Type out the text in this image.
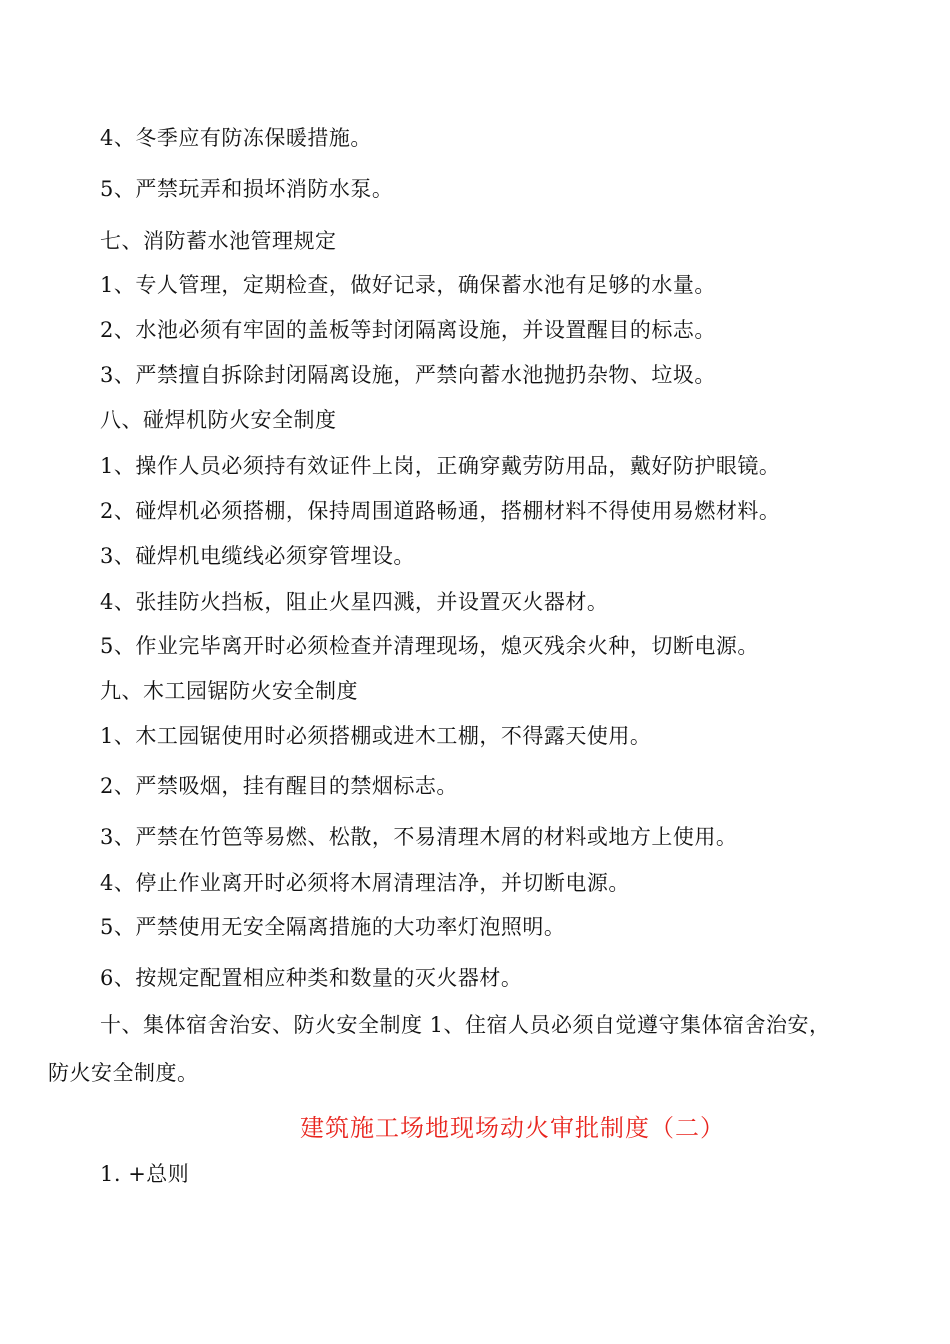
4、冬季应有防冻保暖措施。
5、严禁玩弄和损坏消防水泵。
七、消防蓄水池管理规定
1、专人管理，定期检查，做好记录，确保蓄水池有足够的水量。
2、水池必须有牢固的盖板等封闭隔离设施，并设置醒目的标志。
3、严禁擅自拆除封闭隔离设施，严禁向蓄水池抛扔杂物、垃圾。
八、碰焊机防火安全制度
1、操作人员必须持有效证件上岗，正确穿戴劳防用品，戴好防护眼镜。
2、碰焊机必须搭棚，保持周围道路畅通，搭棚材料不得使用易燃材料。
3、碰焊机电缆线必须穿管埋设。
4、张挂防火挡板，阻止火星四溅，并设置灭火器材。
5、作业完毕离开时必须检查并清理现场，熄灭残余火种，切断电源。
九、木工园锯防火安全制度
1、木工园锯使用时必须搭棚或进木工棚，不得露天使用。
2、严禁吸烟，挂有醒目的禁烟标志。
3、严禁在竹笆等易燃、松散，不易清理木屑的材料或地方上使用。
4、停止作业离开时必须将木屑清理洁净，并切断电源。
5、严禁使用无安全隔离措施的大功率灯泡照明。
6、按规定配置相应种类和数量的灭火器材。
十、集体宿舍治安、防火安全制度 1、住宿人员必须自觉遵守集体宿舍治安，
防火安全制度。
建筑施工场地现场动火审批制度（二）
1. +总则
